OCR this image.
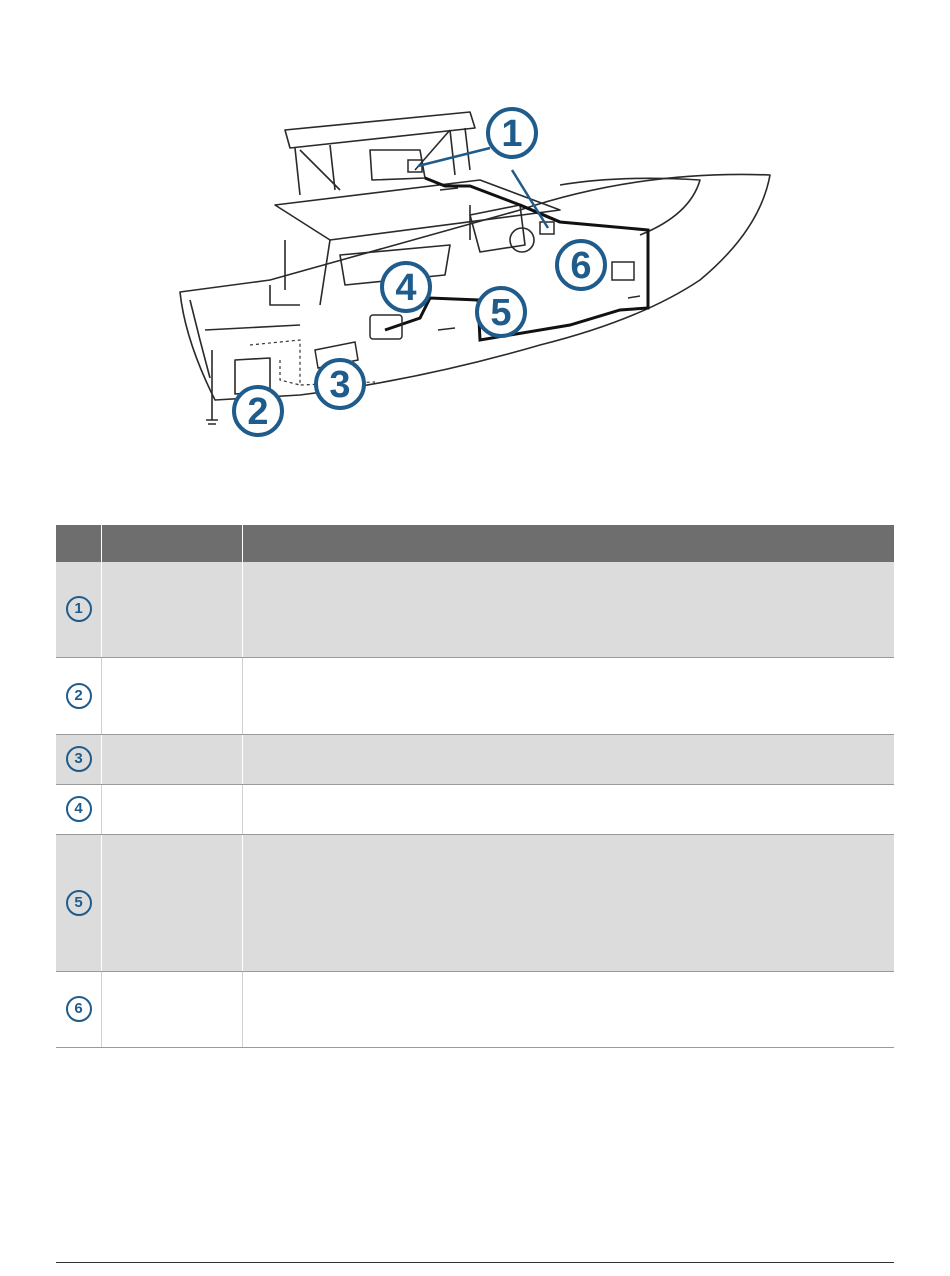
1
2
3
4
5
6

1		
2		
3		
4		
5		
6		
